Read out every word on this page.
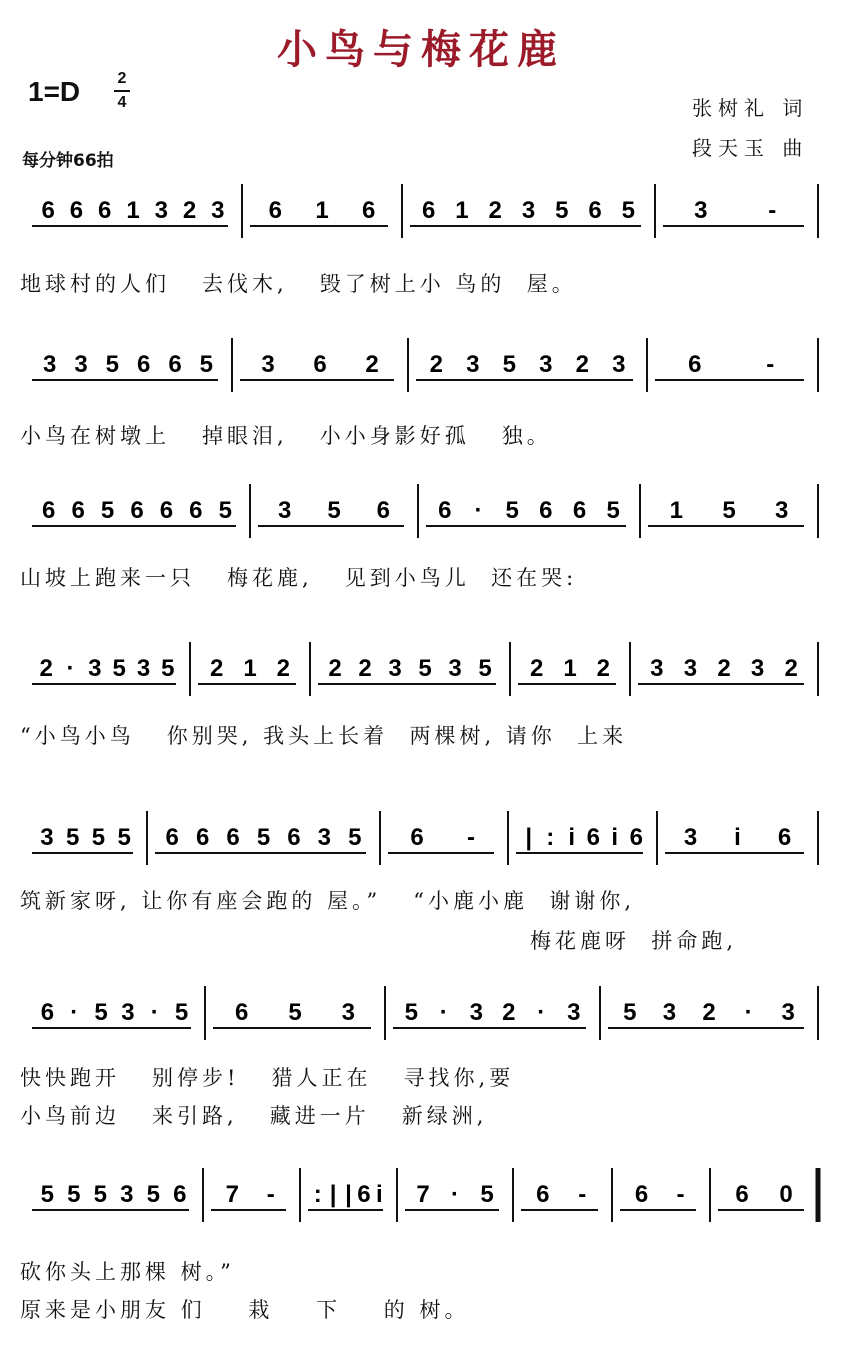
小鸟与梅花鹿
1=D 2
4
每分钟66拍
张树礼 词
段天玉 曲
6 6 6 1 3 2 3 6 1 6 6 1 2 3 5 6 5 3	-
3 3 5 6 6 5 3 6 2 2 3 5 3 2 3	6	-
6 6 5 6 6 6 5 3 5 6 6 · 5 6 6 5 1 5 3
2 · 3 5 3 5 2 1 2 2 2 3 5 3 5 2 1 2 3 3 2 3 2
3 5 5 5 6 6 6 5 6 3 5 6 - | : i 6 i 6 3 i 6
6 · 5 3 · 5 6 5 3 5 · 3 2 · 3 5 3 2 · 3
5 5 5 3 5 6 7 - : | | 6 i 7 · 5 6 - 6 - 6 0
地球村的人们   去伐木,   毁了树上小 鸟的  屋。
小鸟在树墩上   掉眼泪,   小小身影好孤   独。
山坡上跑来一只   梅花鹿,   见到小鸟儿  还在哭:
“小鸟小鸟   你别哭, 我头上长着  两棵树, 请你  上来
筑新家呀, 让你有座会跑的 屋。”   “小鹿小鹿  谢谢你,
梅花鹿呀  拼命跑,
快快跑开   别停步!   猎人正在   寻找你,要
小鸟前边   来引路,   藏进一片   新绿洲,
砍你头上那棵 树。”
原来是小朋友 们    栽    下    的 树。
